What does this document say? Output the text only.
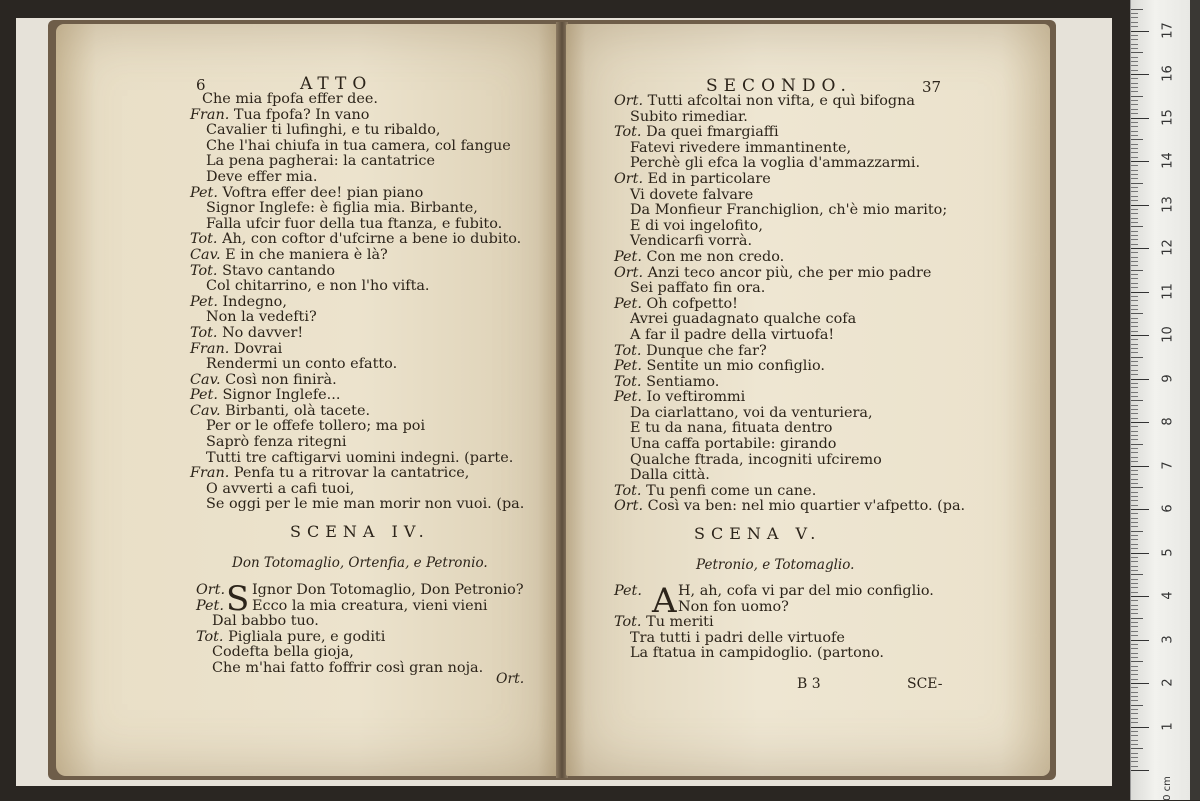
6	ATTO
Che mia fpofa effer dee.
Fran. Tua fpofa? In vano
Cavalier ti lufinghi, e tu ribaldo,
Che l'hai chiufa in tua camera, col fangue
La pena pagherai: la cantatrice
Deve effer mia.
Pet. Voftra effer dee! pian piano
Signor Inglefe: è figlia mia. Birbante,
Falla ufcir fuor della tua ftanza, e fubito.
Tot. Ah, con coftor d'ufcirne a bene io dubito.
Cav. E in che maniera è là?
Tot. Stavo cantando
Col chitarrino, e non l'ho vifta.
Pet. Indegno,
Non la vedefti?
Tot. No davver!
Fran. Dovrai
Rendermi un conto efatto.
Cav. Così non finirà.
Pet. Signor Inglefe...
Cav. Birbanti, olà tacete.
Per or le offefe tollero; ma poi
Saprò fenza ritegni
Tutti tre caftigarvi uomini indegni. (parte.
Fran. Penfa tu a ritrovar la cantatrice,
O avverti a cafi tuoi,
Se oggi per le mie man morir non vuoi. (pa.
SCENA IV.
Don Totomaglio, Ortenfia, e Petronio.
S
Ort. Ignor Don Totomaglio, Don Petronio?
Pet. Ecco la mia creatura, vieni vieni
Dal babbo tuo.
Tot. Pigliala pure, e goditi
Codefta bella gioja,
Che m'hai fatto foffrir così gran noja.
Ort.
SECONDO.	37
Ort. Tutti afcoltai non vifta, e quì bifogna
Subito rimediar.
Tot. Da quei fmargiaffi
Fatevi rivedere immantinente,
Perchè gli efca la voglia d'ammazzarmi.
Ort. Ed in particolare
Vi dovete falvare
Da Monfieur Franchiglion, ch'è mio marito;
E di voi ingelofito,
Vendicarfi vorrà.
Pet. Con me non credo.
Ort. Anzi teco ancor più, che per mio padre
Sei paffato fin ora.
Pet. Oh cofpetto!
Avrei guadagnato qualche cofa
A far il padre della virtuofa!
Tot. Dunque che far?
Pet. Sentite un mio configlio.
Tot. Sentiamo.
Pet. Io veftirommi
Da ciarlattano, voi da venturiera,
E tu da nana, fituata dentro
Una caffa portabile: girando
Qualche ftrada, incogniti ufciremo
Dalla città.
Tot. Tu penfi come un cane.
Ort. Così va ben: nel mio quartier v'afpetto. (pa.
SCENA V.
Petronio, e Totomaglio.
A
Pet.	H, ah, cofa vi par del mio configlio.
Non fon uomo?
Tot. Tu meriti
Tra tutti i padri delle virtuofe
La ftatua in campidoglio. (partono.
B 3	SCE-
0 cm
1
2
3
4
5
6
7
8
9
10
11
12
13
14
15
16
17
